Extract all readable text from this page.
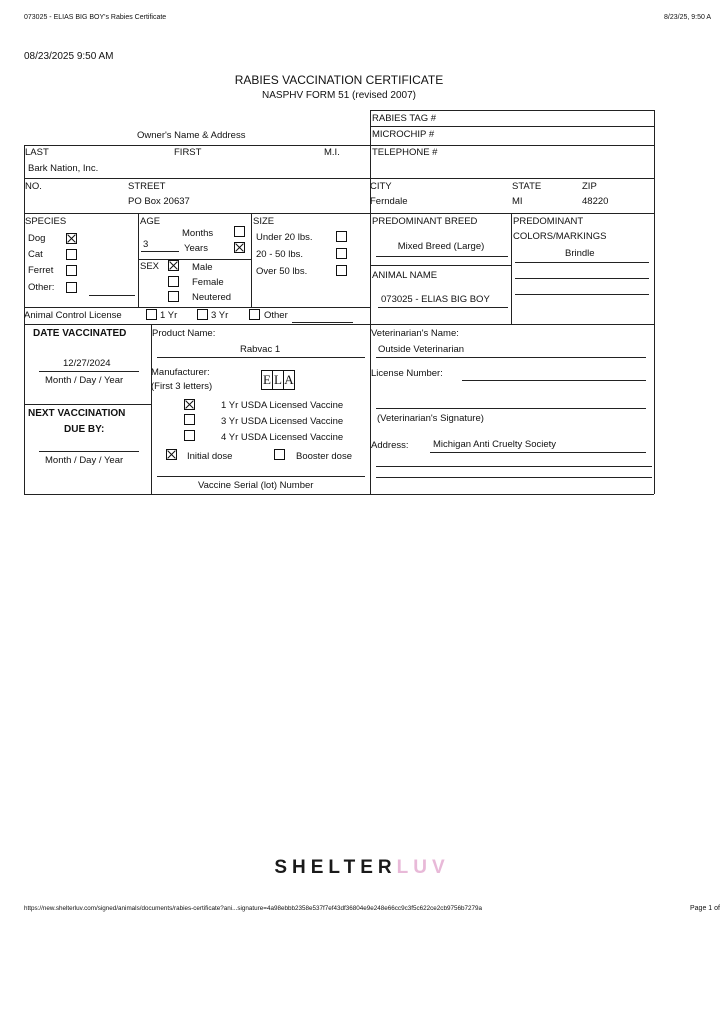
073025 - ELIAS BIG BOY's Rabies Certificate	8/23/25, 9:50 A
08/23/2025 9:50 AM
RABIES VACCINATION CERTIFICATE
NASPHV FORM 51 (revised 2007)
RABIES TAG #
MICROCHIP #
Owner's Name & Address
LAST	FIRST	M.I.	TELEPHONE #
Bark Nation, Inc.
NO.	STREET
PO Box 20637
CITY
Ferndale
STATE
MI
ZIP
48220
SPECIES
Dog
Cat
Ferret
Other:
AGE
Months
3	Years
SEX	Male
Female
Neutered
SIZE
Under 20 lbs.
20 - 50 lbs.
Over 50 lbs.
PREDOMINANT BREED
Mixed Breed (Large)
PREDOMINANT
COLORS/MARKINGS
Brindle
ANIMAL NAME
073025 - ELIAS BIG BOY
Animal Control License	1 Yr	3 Yr	Other
DATE VACCINATED
12/27/2024
Month / Day / Year
NEXT VACCINATION
DUE BY:
Month / Day / Year
Product Name:
Rabvac 1
Manufacturer:
(First 3 letters)	E L A
1 Yr USDA Licensed Vaccine
3 Yr USDA Licensed Vaccine
4 Yr USDA Licensed Vaccine
Initial dose	Booster dose
Vaccine Serial (lot) Number
Veterinarian's Name:
Outside Veterinarian
License Number:
(Veterinarian's Signature)
Address:	Michigan Anti Cruelty Society
SHELTERLUV
https://new.shelterluv.com/signed/animals/documents/rabies-certificate?ani...signature=4a98ebbb2358e537f7ef43df36804e9e248e66cc9c3f5c622ce2cb9756b7279a	Page 1 of
